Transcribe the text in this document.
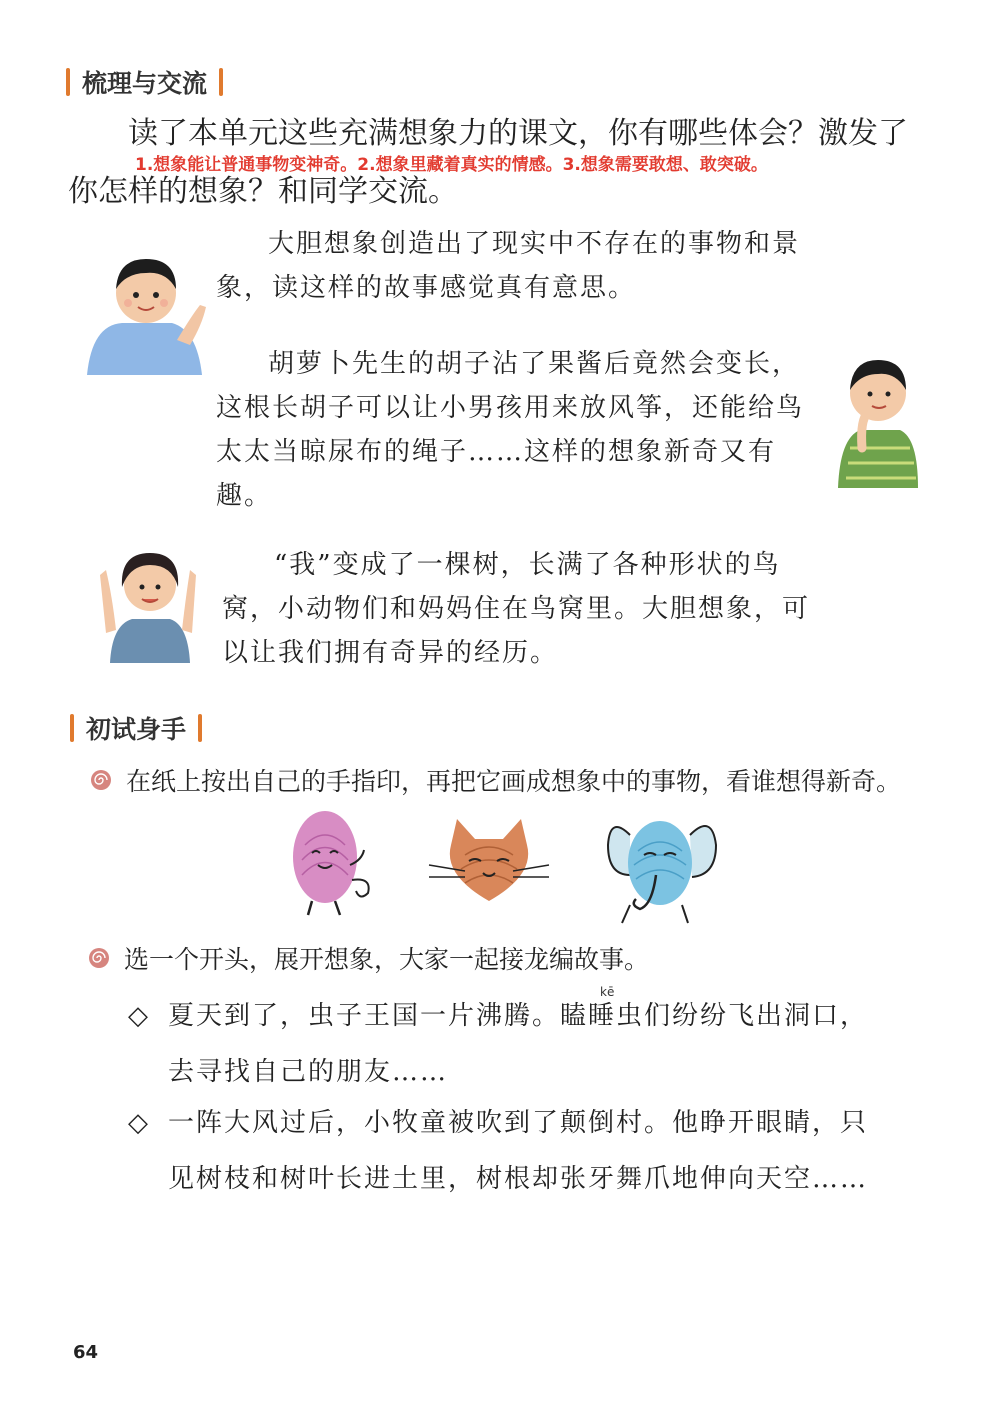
梳理与交流
读了本单元这些充满想象力的课文，你有哪些体会？激发了
1.想象能让普通事物变神奇。2.想象里藏着真实的情感。3.想象需要敢想、敢突破。
你怎样的想象？和同学交流。

大胆想象创造出了现实中不存在的事物和景象，读这样的故事感觉真有意思。

胡萝卜先生的胡子沾了果酱后竟然会变长，这根长胡子可以让小男孩用来放风筝，还能给鸟太太当晾尿布的绳子……这样的想象新奇又有趣。

“我”变成了一棵树，长满了各种形状的鸟窝，小动物们和妈妈住在鸟窝里。大胆想象，可以让我们拥有奇异的经历。

初试身手
在纸上按出自己的手指印，再把它画成想象中的事物，看谁想得新奇。
选一个开头，展开想象，大家一起接龙编故事。
kē
◇ 夏天到了，虫子王国一片沸腾。瞌睡虫们纷纷飞出洞口，
去寻找自己的朋友……
◇ 一阵大风过后，小牧童被吹到了颠倒村。他睁开眼睛，只
见树枝和树叶长进土里，树根却张牙舞爪地伸向天空……
64
